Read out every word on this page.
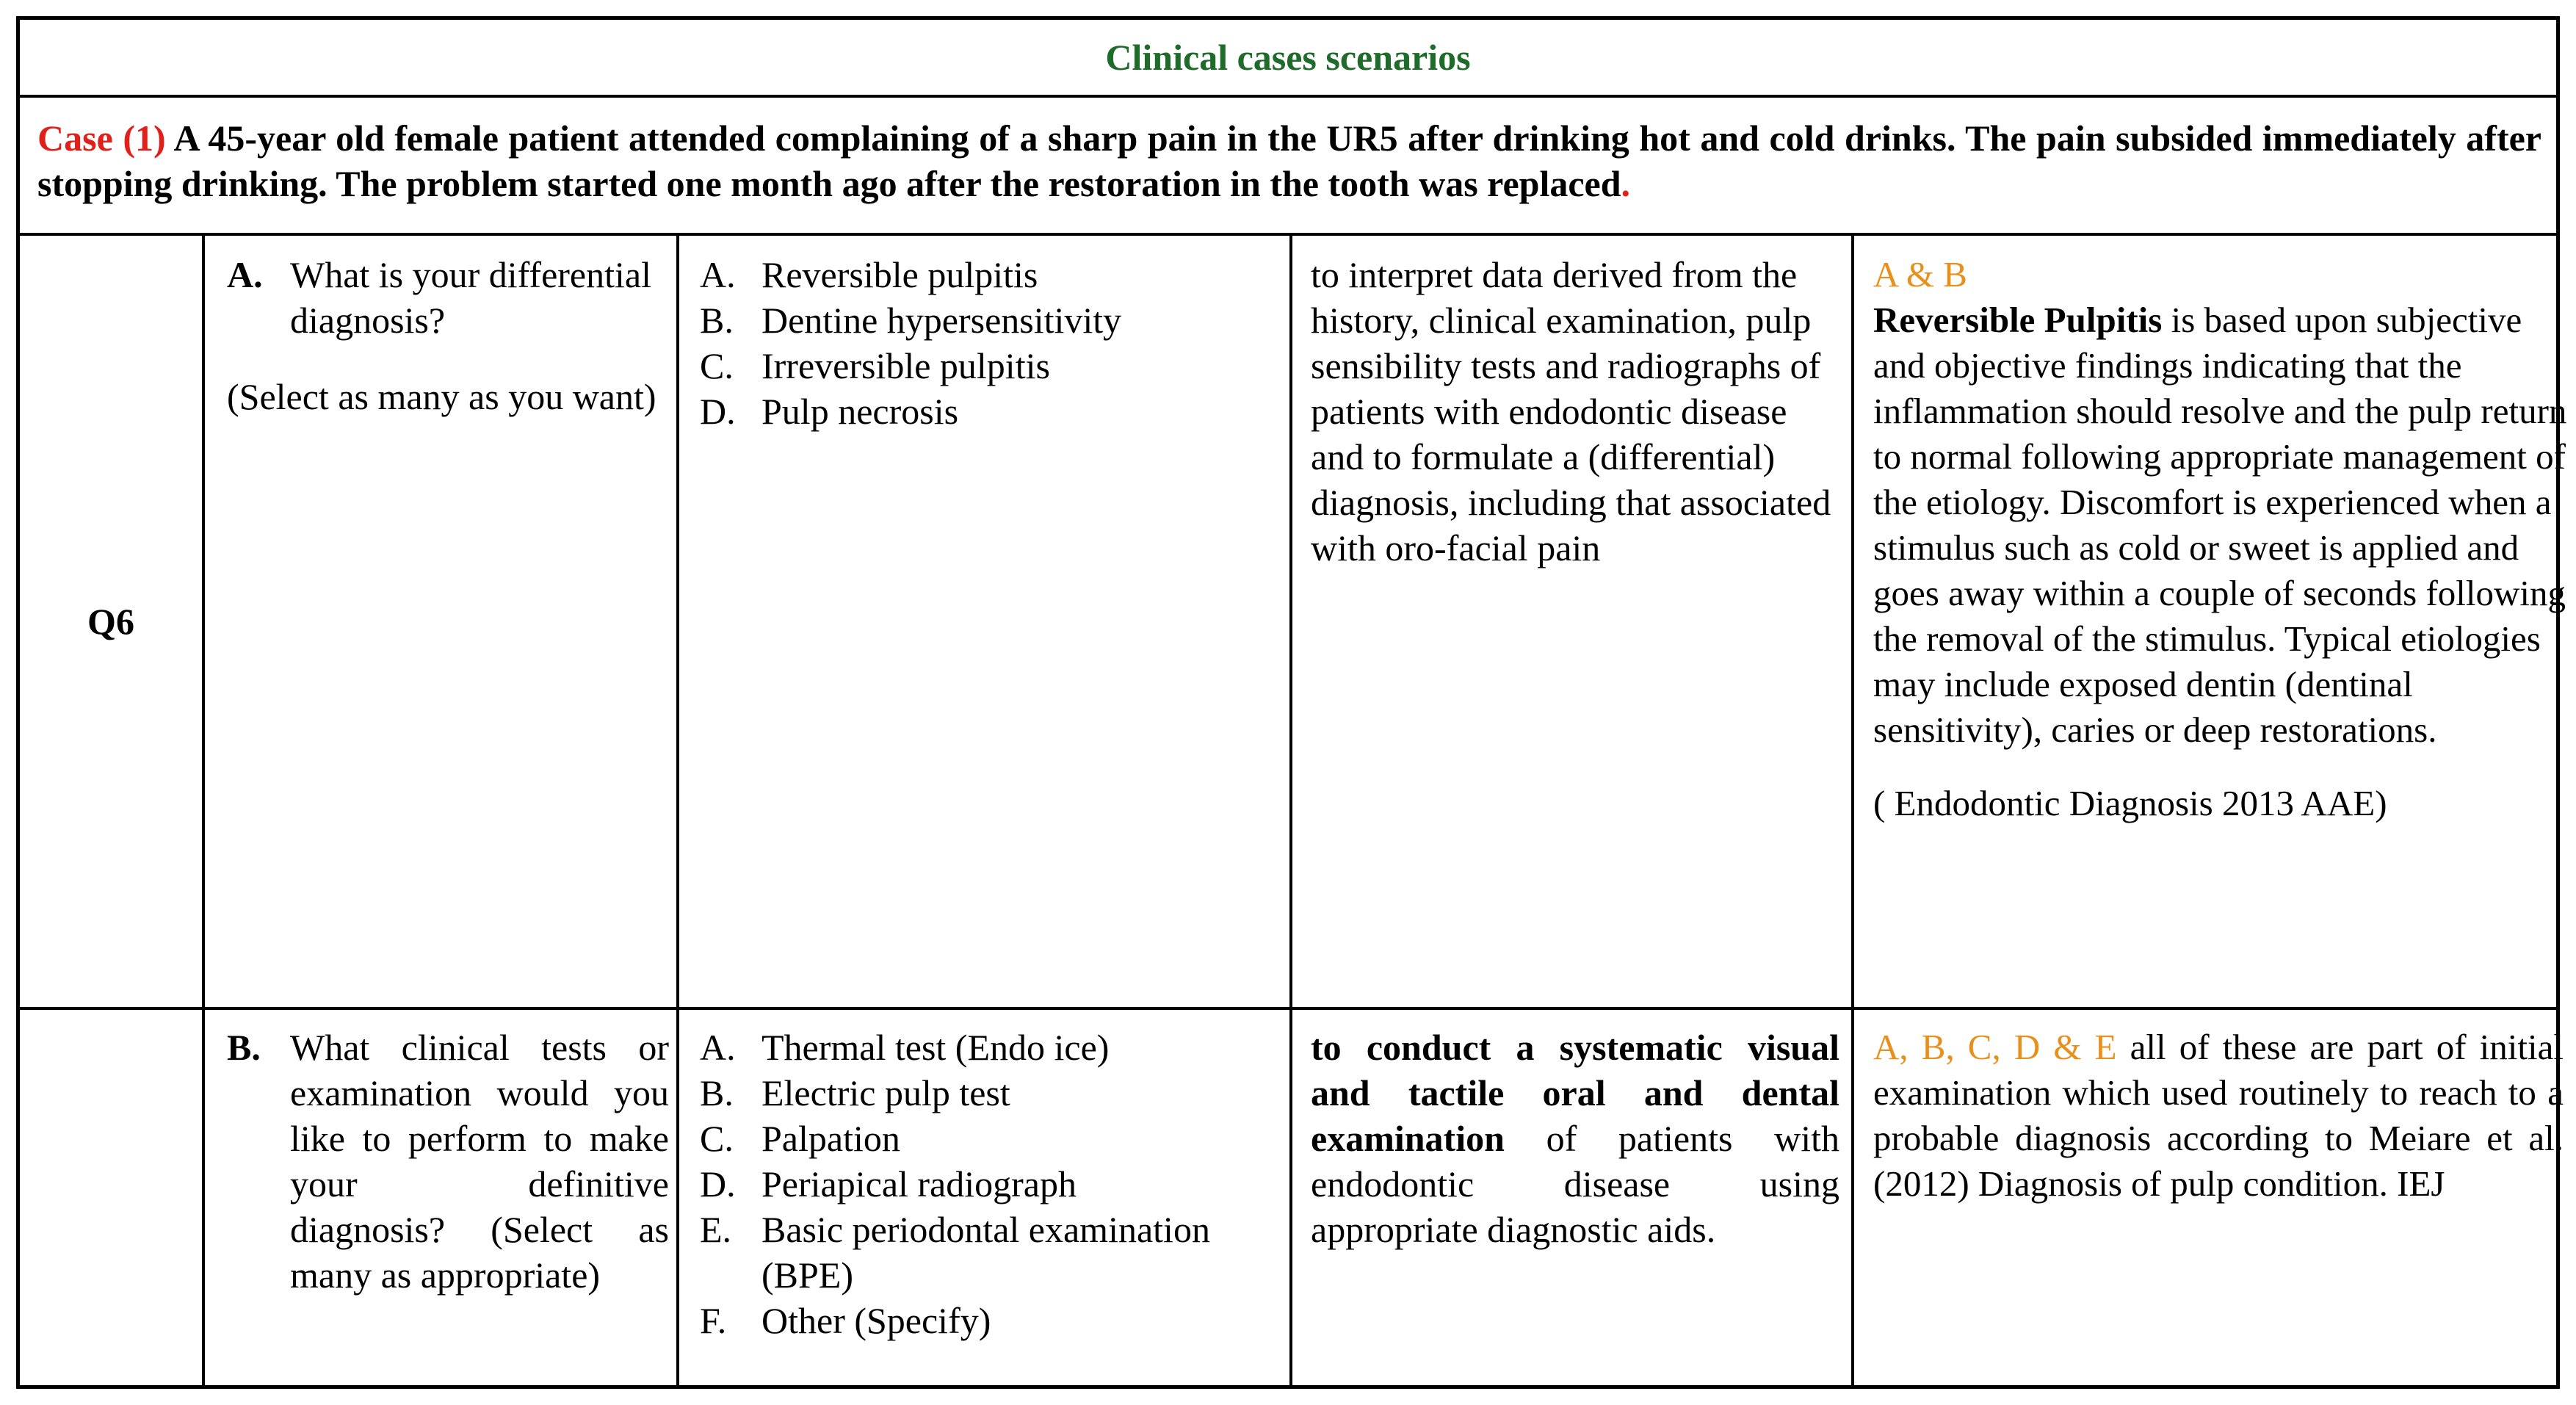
Clinical cases scenarios
Case (1) A 45-year old female patient attended complaining of a sharp pain in the UR5 after drinking hot and cold drinks. The pain subsided immediately after stopping drinking. The problem started one month ago after the restoration in the tooth was replaced.
Q6
A. What is your differential diagnosis?

(Select as many as you want)

A. Reversible pulpitis
B. Dentine hypersensitivity
C. Irreversible pulpitis
D. Pulp necrosis

to interpret data derived from the history, clinical examination, pulp sensibility tests and radiographs of patients with endodontic disease and to formulate a (differential) diagnosis, including that associated with oro-facial pain

A & B

Reversible Pulpitis is based upon subjective and objective findings indicating that the inflammation should resolve and the pulp return to normal following appropriate management of the etiology. Discomfort is experienced when a stimulus such as cold or sweet is applied and goes away within a couple of seconds following the removal of the stimulus. Typical etiologies may include exposed dentin (dentinal sensitivity), caries or deep restorations.

( Endodontic Diagnosis 2013 AAE)

B. What clinical tests or examination would you like to perform to make your definitive diagnosis? (Select as many as appropriate)
A. Thermal test (Endo ice)
B. Electric pulp test
C. Palpation
D. Periapical radiograph
E. Basic periodontal examination (BPE)
F. Other (Specify)

to conduct a systematic visual and tactile oral and dental examination of patients with endodontic disease using appropriate diagnostic aids.

A, B, C, D & E all of these are part of initial examination which used routinely to reach to a probable diagnosis according to Meiare et al. (2012) Diagnosis of pulp condition. IEJ
